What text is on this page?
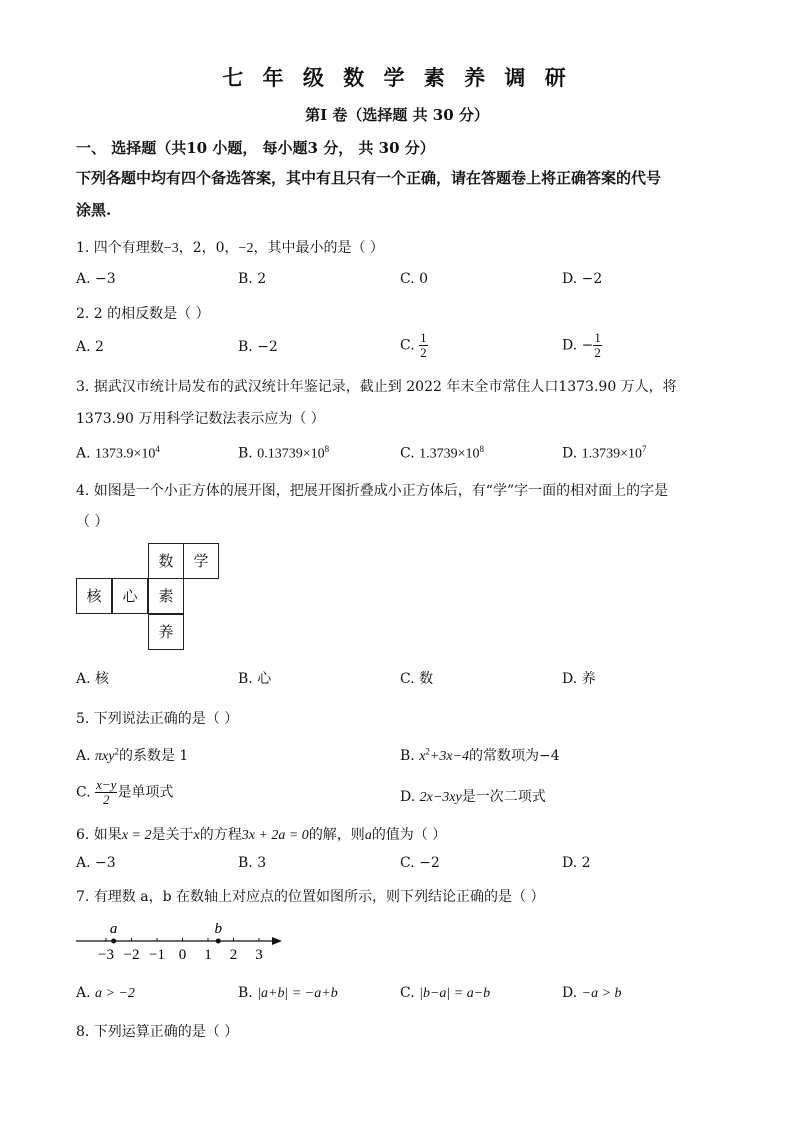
七 年 级 数 学 素 养 调 研
第Ⅰ 卷（选择题 共 30 分）
一、 选择题（共10 小题， 每小题3 分， 共 30 分）
下列各题中均有四个备选答案，其中有且只有一个正确，请在答题卷上将正确答案的代号
涂黑.
1. 四个有理数−3，2，0，−2，其中最小的是（ ）
A. −3	B. 2	C. 0	D. −2
2. 2 的相反数是（ ）
A. 2	B. −2	C. $\frac{1}{2}$	D. − $\frac{1}{2}$
3. 据武汉市统计局发布的武汉统计年鉴记录，截止到 2022 年末全市常住人口1373.90 万人，将
1373.90 万用科学记数法表示应为（ ）
A. $1373.9\times 10^4$	B. $0.13739\times 10^8$	C. $1.3739\times 10^8$	D. $1.3739\times 10^7$
4. 如图是一个小正方体的展开图，把展开图折叠成小正方体后，有“学”字一面的相对面上的字是
（ ）
数	学
核	心	素
养
A. 核	B. 心	C. 数	D. 养
5. 下列说法正确的是（ ）
A. πxy$^2$的系数是 1	B. $x^2+3x-4$的常数项为−4
C. $\frac{x-y}{2}$ 是单项式	D. 2x−3xy是一次二项式
6. 如果x = 2是关于x的方程3x + 2a = 0的解，则a的值为（ ）
A. −3	B. 3	C. −2	D. 2
7. 有理数 a，b 在数轴上对应点的位置如图所示，则下列结论正确的是（ ）
−3 −2 −1 0 1 2 3
a	b
A. a > −2	B. |a+b| = −a+b	C. |b−a| = a−b	D. −a > b
8. 下列运算正确的是（ ）
